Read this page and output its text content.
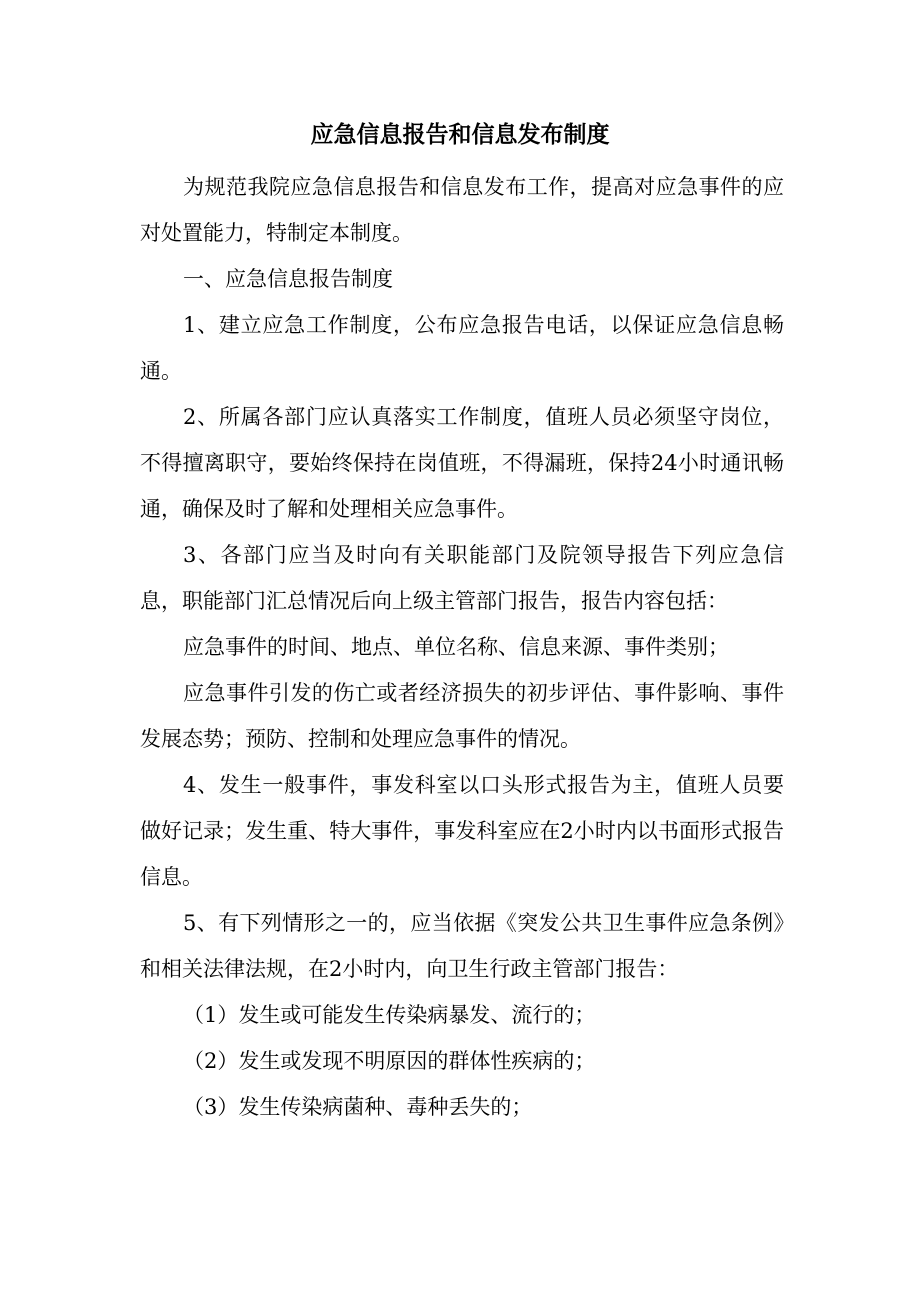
应急信息报告和信息发布制度

为规范我院应急信息报告和信息发布工作，提高对应急事件的应对处置能力，特制定本制度。

一、应急信息报告制度

1、建立应急工作制度，公布应急报告电话，以保证应急信息畅通。

2、所属各部门应认真落实工作制度，值班人员必须坚守岗位，不得擅离职守，要始终保持在岗值班，不得漏班，保持24小时通讯畅通，确保及时了解和处理相关应急事件。

3、各部门应当及时向有关职能部门及院领导报告下列应急信息，职能部门汇总情况后向上级主管部门报告，报告内容包括：

应急事件的时间、地点、单位名称、信息来源、事件类别；

应急事件引发的伤亡或者经济损失的初步评估、事件影响、事件发展态势；预防、控制和处理应急事件的情况。

4、发生一般事件，事发科室以口头形式报告为主，值班人员要做好记录；发生重、特大事件，事发科室应在2小时内以书面形式报告信息。

5、有下列情形之一的，应当依据《突发公共卫生事件应急条例》和相关法律法规，在2小时内，向卫生行政主管部门报告：

（1）发生或可能发生传染病暴发、流行的；

（2）发生或发现不明原因的群体性疾病的；

（3）发生传染病菌种、毒种丢失的；
